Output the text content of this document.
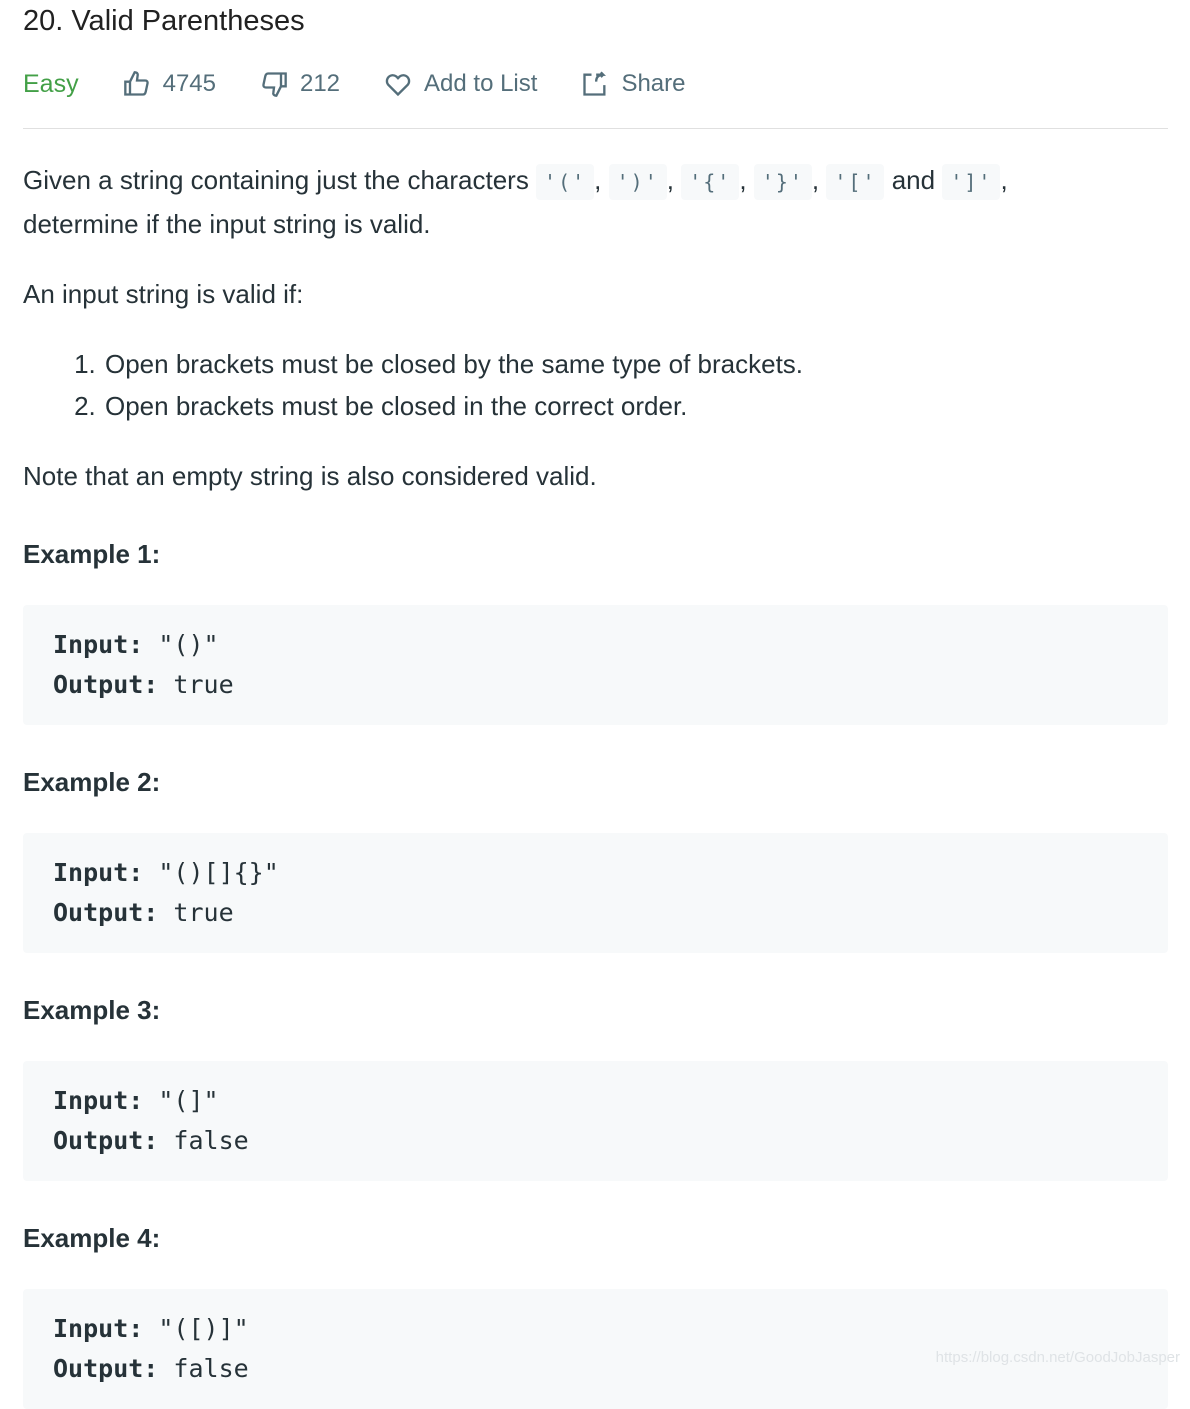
20. Valid Parentheses
Easy	4745	212	Add to List	Share

Given a string containing just the characters '(' , ')' , '{' , '}' , '[' and ']' ,
determine if the input string is valid.

An input string is valid if:

1. Open brackets must be closed by the same type of brackets.
2. Open brackets must be closed in the correct order.

Note that an empty string is also considered valid.

Example 1:
Input: "()"
Output: true
Example 2:
Input: "()[]{}"
Output: true
Example 3:
Input: "(]"
Output: false
Example 4:
Input: "([)]"
Output: false	https://blog.csdn.net/GoodJobJasper
